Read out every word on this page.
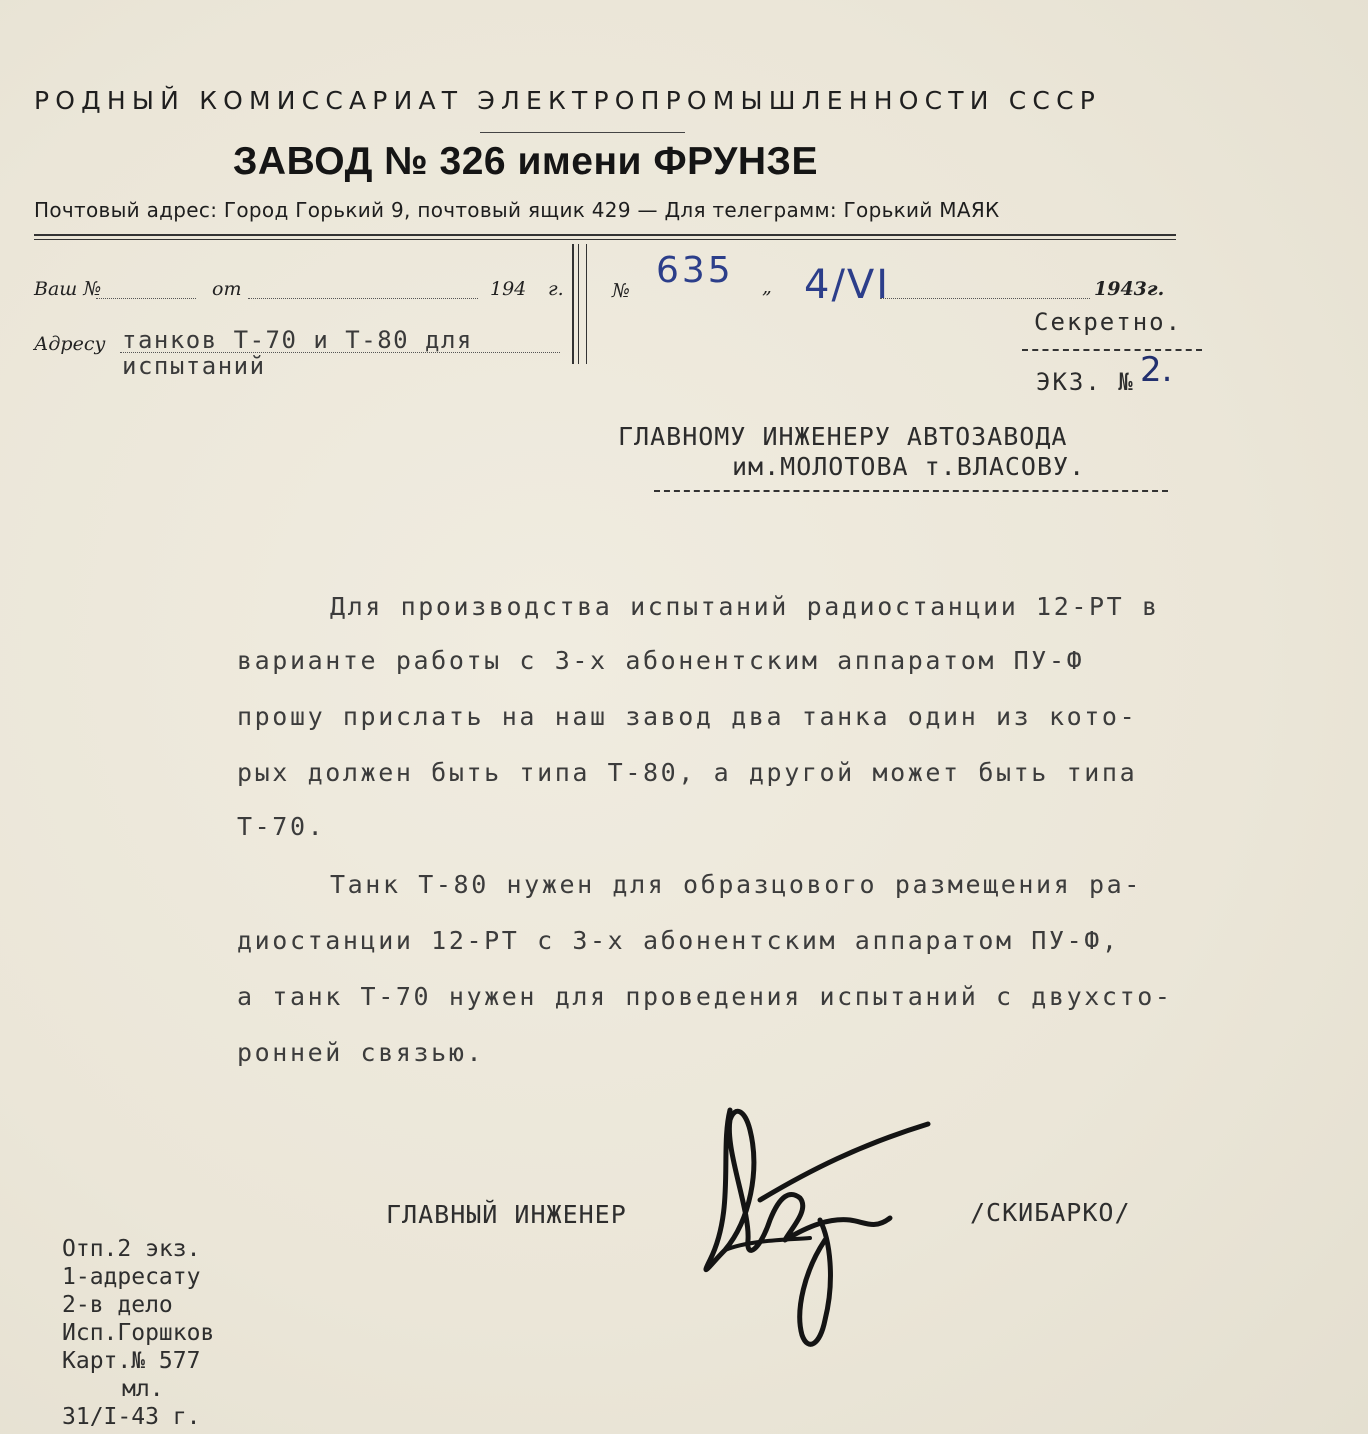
РОДНЫЙ КОМИССАРИАТ ЭЛЕКТРОПРОМЫШЛЕННОСТИ СССР
ЗАВОД № 326 имени ФРУНЗЕ
Почтовый адрес: Город Горький 9, почтовый ящик 429 — Для телеграмм: Горький МАЯК
Ваш №	от	194 г.
Адресу танков Т-70 и Т-80 для
испытаний
№ 635 „ 4/VI	1943г.
Секретно.
ЭКЗ. № 2.
ГЛАВНОМУ ИНЖЕНЕРУ АВТОЗАВОДА
им.МОЛОТОВА т.ВЛАСОВУ.
Для производства испытаний радиостанции 12-РТ в
варианте работы с 3-х абонентским аппаратом ПУ-Ф
прошу прислать на наш завод два танка один из кото-
рых должен быть типа Т-80, а другой может быть типа
Т-70.
Танк Т-80 нужен для образцового размещения ра-
диостанции 12-РТ с 3-х абонентским аппаратом ПУ-Ф,
а танк Т-70 нужен для проведения испытаний с двухсто-
ронней связью.
ГЛАВНЫЙ ИНЖЕНЕР	/СКИБАРКО/
Отп.2 экз.
1-адресату
2-в дело
Исп.Горшков
Карт.№ 577
мл.
31/I-43 г.
